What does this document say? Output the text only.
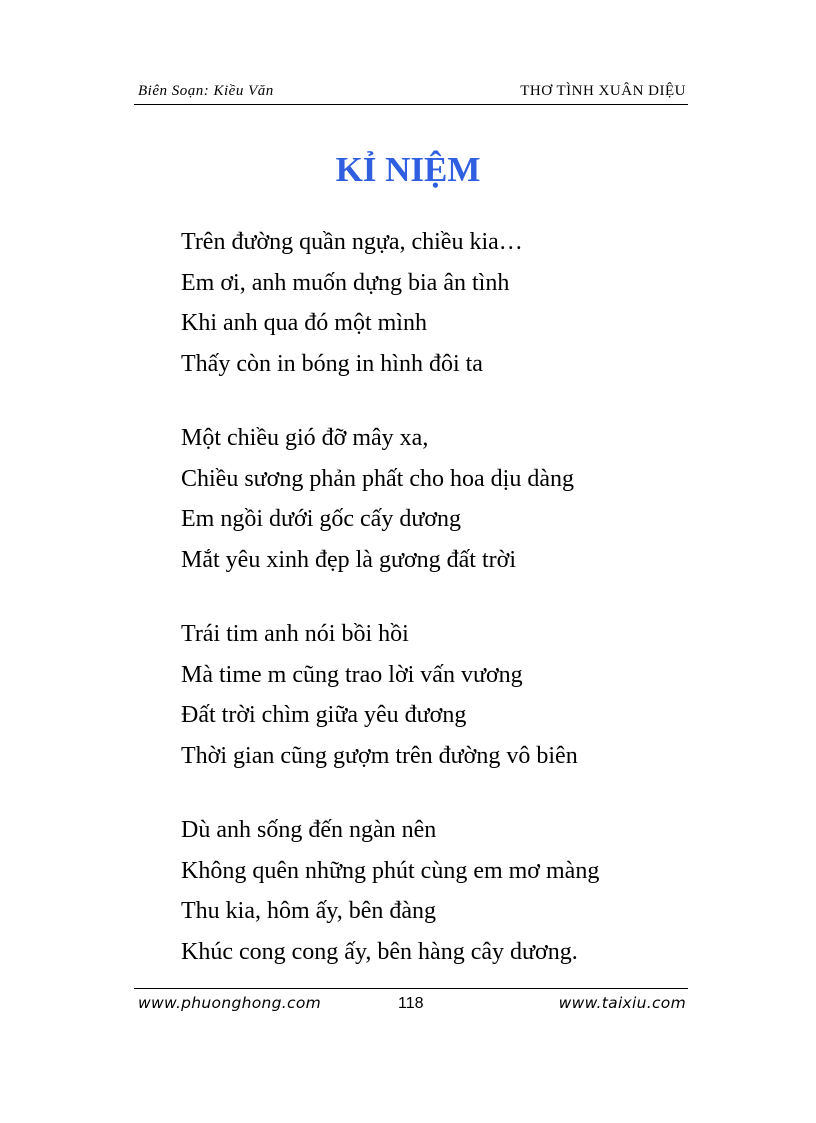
Biên Soạn: Kiều Văn	THƠ TÌNH XUÂN DIỆU
KỈ NIỆM
Trên đường quần ngựa, chiều kia…
Em ơi, anh muốn dựng bia ân tình
Khi anh qua đó một mình
Thấy còn in bóng in hình đôi ta
Một chiều gió đỡ mây xa,
Chiều sương phản phất cho hoa dịu dàng
Em ngồi dưới gốc cấy dương
Mắt yêu xinh đẹp là gương đất trời
Trái tim anh nói bồi hồi
Mà time m cũng trao lời vấn vương
Đất trời chìm giữa yêu đương
Thời gian cũng gượm trên đường vô biên
Dù anh sống đến ngàn nên
Không quên những phút cùng em mơ màng
Thu kia, hôm ấy, bên đàng
Khúc cong cong ấy, bên hàng cây dương.
www.phuonghong.com	118	www.taixiu.com
